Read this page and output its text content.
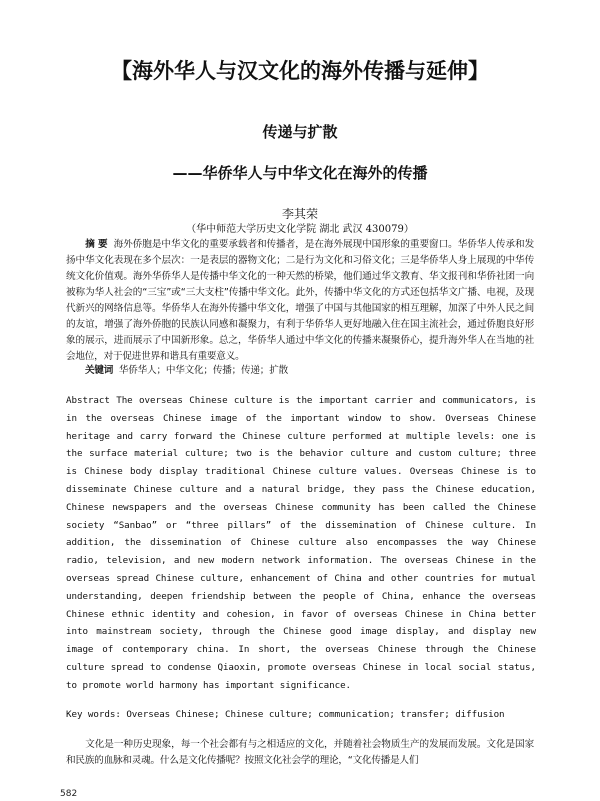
【海外华人与汉文化的海外传播与延伸】
传递与扩散
——华侨华人与中华文化在海外的传播
李其荣
（华中师范大学历史文化学院 湖北 武汉 430079）
摘 要 海外侨胞是中华文化的重要承载者和传播者，是在海外展现中国形象的重要窗口。华侨华人传承和发扬中华文化表现在多个层次：一是表层的器物文化；二是行为文化和习俗文化；三是华侨华人身上展现的中华传统文化价值观。海外华侨华人是传播中华文化的一种天然的桥梁，他们通过华文教育、华文报刊和华侨社团一向被称为华人社会的“三宝”或“三大支柱”传播中华文化。此外，传播中华文化的方式还包括华文广播、电视，及现代新兴的网络信息等。华侨华人在海外传播中华文化，增强了中国与其他国家的相互理解，加深了中外人民之间的友谊，增强了海外侨胞的民族认同感和凝聚力，有利于华侨华人更好地融入住在国主流社会，通过侨胞良好形象的展示，进而展示了中国新形象。总之，华侨华人通过中华文化的传播来凝聚侨心，提升海外华人在当地的社会地位，对于促进世界和谐具有重要意义。
关键词 华侨华人；中华文化；传播；传递；扩散
Abstract The overseas Chinese culture is the important carrier and communicators, is in the overseas Chinese image of the important window to show. Overseas Chinese heritage and carry forward the Chinese culture performed at multiple levels: one is the surface material culture; two is the behavior culture and custom culture; three is Chinese body display traditional Chinese culture values. Overseas Chinese is to disseminate Chinese culture and a natural bridge, they pass the Chinese education, Chinese newspapers and the overseas Chinese community has been called the Chinese society “Sanbao” or “three pillars” of the dissemination of Chinese culture. In addition, the dissemination of Chinese culture also encompasses the way Chinese radio, television, and new modern network information. The overseas Chinese in the overseas spread Chinese culture, enhancement of China and other countries for mutual understanding, deepen friendship between the people of China, enhance the overseas Chinese ethnic identity and cohesion, in favor of overseas Chinese in China better into mainstream society, through the Chinese good image display, and display new image of contemporary china. In short, the overseas Chinese through the Chinese culture spread to condense Qiaoxin, promote overseas Chinese in local social status, to promote world harmony has important significance.
Key words: Overseas Chinese; Chinese culture; communication; transfer; diffusion
文化是一种历史现象，每一个社会都有与之相适应的文化，并随着社会物质生产的发展而发展。文化是国家和民族的血脉和灵魂。什么是文化传播呢？按照文化社会学的理论，“文化传播是人们
582
